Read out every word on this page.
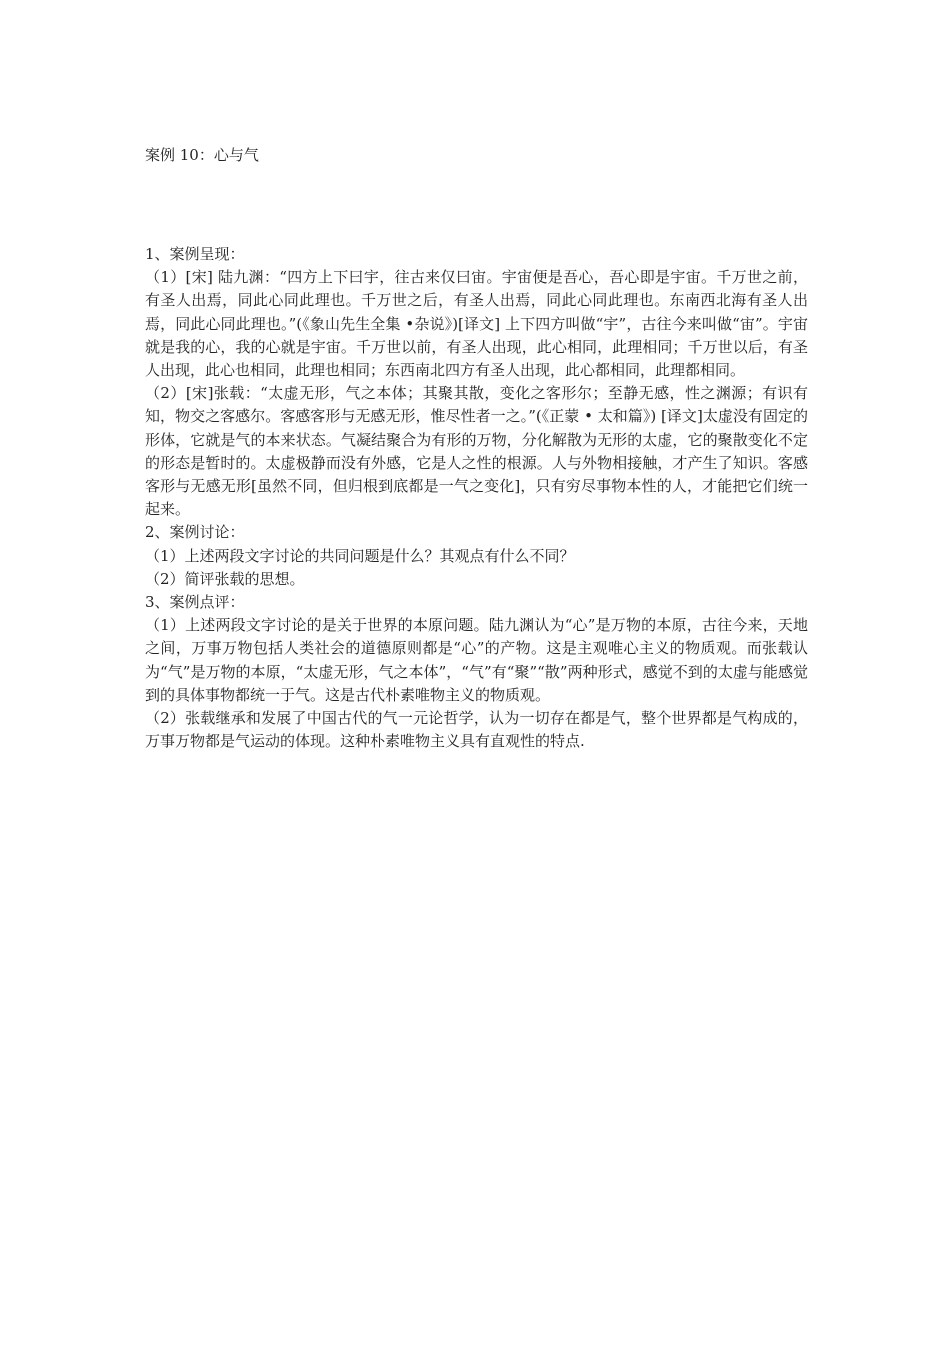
案例 10：心与气

1、案例呈现：

（1）[宋] 陆九渊：“四方上下曰宇，往古来仅曰宙。宇宙便是吾心，吾心即是宇宙。千万世之前，有圣人出焉，同此心同此理也。千万世之后，有圣人出焉，同此心同此理也。东南西北海有圣人出焉，同此心同此理也。”(《象山先生全集 •杂说》)[译文] 上下四方叫做“宇”，古往今来叫做“宙”。宇宙就是我的心，我的心就是宇宙。千万世以前，有圣人出现，此心相同，此理相同；千万世以后，有圣人出现，此心也相同，此理也相同；东西南北四方有圣人出现，此心都相同，此理都相同。

（2）[宋]张载：“太虚无形，气之本体；其聚其散，变化之客形尔；至静无感，性之渊源；有识有知，物交之客感尔。客感客形与无感无形，惟尽性者一之。”(《正蒙 • 太和篇》) [译文]太虚没有固定的形体，它就是气的本来状态。气凝结聚合为有形的万物，分化解散为无形的太虚，它的聚散变化不定的形态是暂时的。太虚极静而没有外感，它是人之性的根源。人与外物相接触，才产生了知识。客感客形与无感无形[虽然不同，但归根到底都是一气之变化]，只有穷尽事物本性的人，才能把它们统一起来。

2、案例讨论：

（1）上述两段文字讨论的共同问题是什么？其观点有什么不同？

（2）简评张载的思想。

3、案例点评：

（1）上述两段文字讨论的是关于世界的本原问题。陆九渊认为“心”是万物的本原，古往今来，天地之间，万事万物包括人类社会的道德原则都是“心”的产物。这是主观唯心主义的物质观。而张载认为“气”是万物的本原，“太虚无形，气之本体”，“气”有“聚”“散”两种形式，感觉不到的太虚与能感觉到的具体事物都统一于气。这是古代朴素唯物主义的物质观。

（2）张载继承和发展了中国古代的气一元论哲学，认为一切存在都是气，整个世界都是气构成的，万事万物都是气运动的体现。这种朴素唯物主义具有直观性的特点.
